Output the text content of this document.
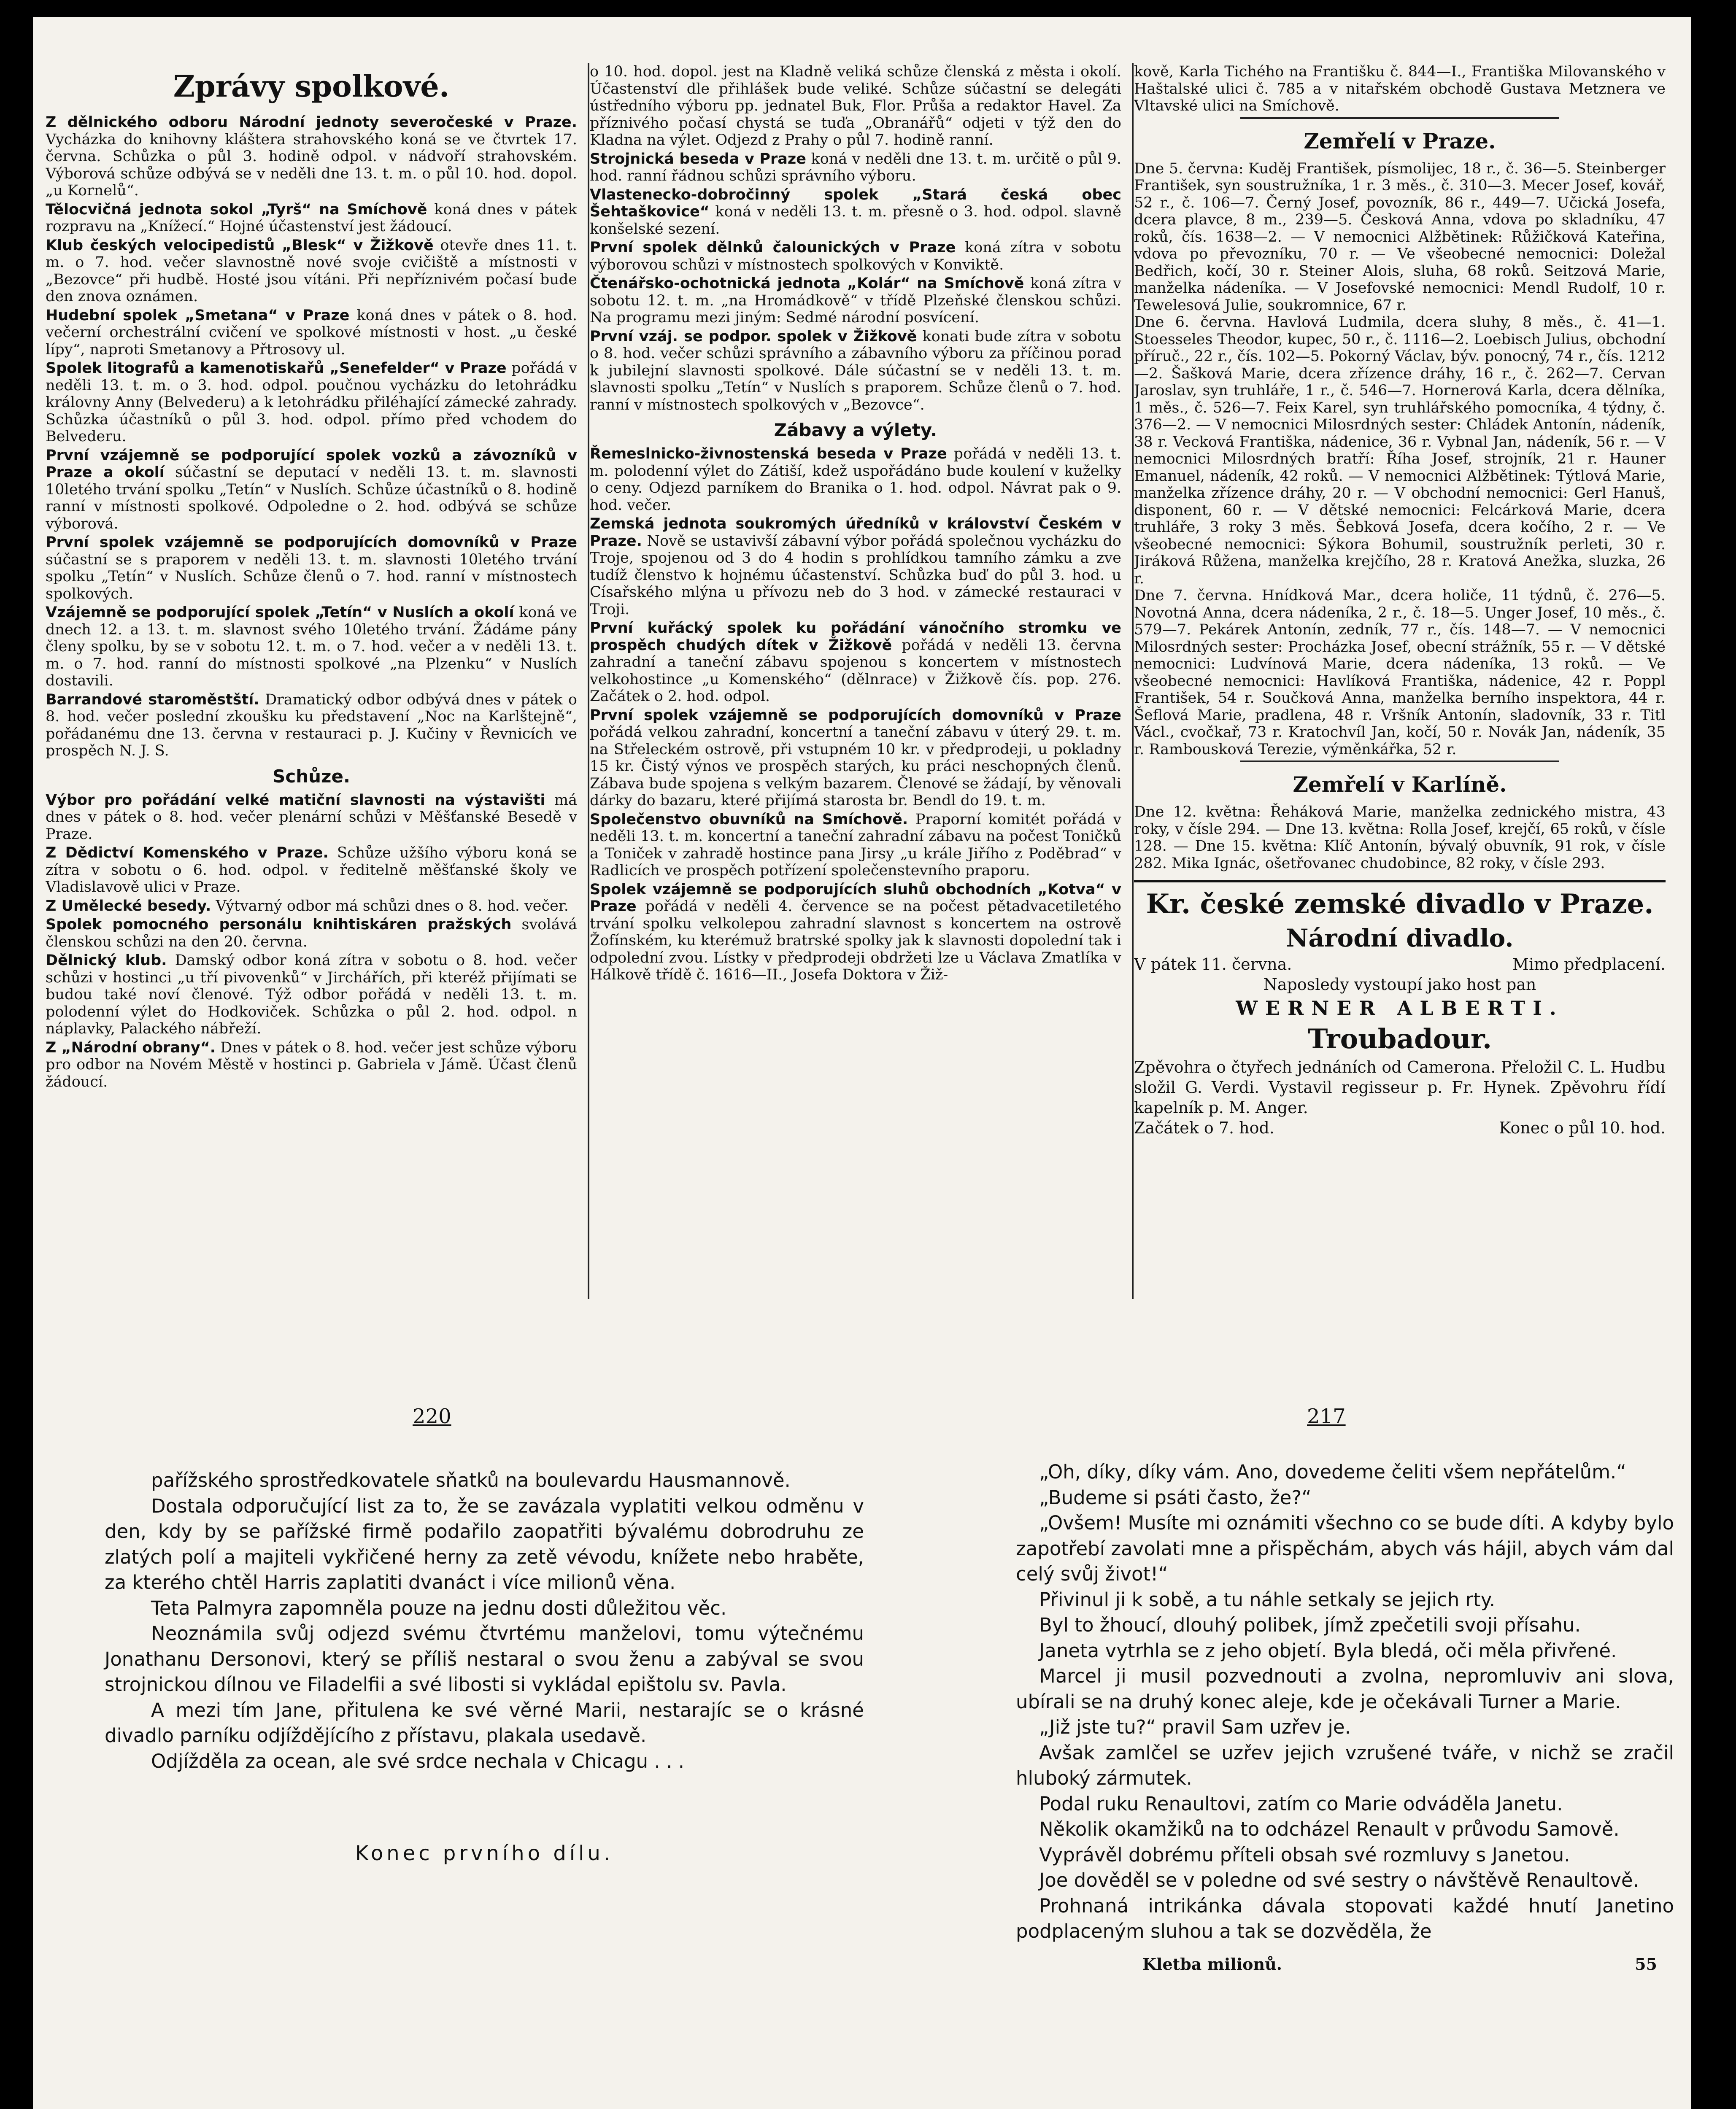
Zprávy spolkové.
Z dělnického odboru Národní jednoty severočeské v Praze. Vycházka do knihovny kláštera strahovského koná se ve čtvrtek 17. června. Schůzka o půl 3. hodině odpol. v nádvoří strahovském. Výborová schůze odbývá se v neděli dne 13. t. m. o půl 10. hod. dopol. „u Kornelů“.
Tělocvičná jednota sokol „Tyrš“ na Smíchově koná dnes v pátek rozpravu na „Knížecí.“ Hojné účastenství jest žádoucí.
Klub českých velocipedistů „Blesk“ v Žižkově otevře dnes 11. t. m. o 7. hod. večer slavnostně nové svoje cvičiště a místnosti v „Bezovce“ při hudbě. Hosté jsou vítáni. Při nepříznivém počasí bude den znova oznámen.
Hudební spolek „Smetana“ v Praze koná dnes v pátek o 8. hod. večerní orchestrální cvičení ve spolkové místnosti v host. „u české lípy“, naproti Smetanovy a Přtrosovy ul.
Spolek litografů a kamenotiskařů „Senefelder“ v Praze pořádá v neděli 13. t. m. o 3. hod. odpol. poučnou vycházku do letohrádku královny Anny (Belvederu) a k letohrádku přiléhající zámecké zahrady. Schůzka účastníků o půl 3. hod. odpol. přímo před vchodem do Belvederu.
První vzájemně se podporující spolek vozků a závozníků v Praze a okolí súčastní se deputací v neděli 13. t. m. slavnosti 10letého trvání spolku „Tetín“ v Nuslích. Schůze účastníků o 8. hodině ranní v místnosti spolkové. Odpoledne o 2. hod. odbývá se schůze výborová.
První spolek vzájemně se podporujících domovníků v Praze súčastní se s praporem v neděli 13. t. m. slavnosti 10letého trvání spolku „Tetín“ v Nuslích. Schůze členů o 7. hod. ranní v místnostech spolkových.
Vzájemně se podporující spolek „Tetín“ v Nuslích a okolí koná ve dnech 12. a 13. t. m. slavnost svého 10letého trvání. Žádáme pány členy spolku, by se v sobotu 12. t. m. o 7. hod. večer a v neděli 13. t. m. o 7. hod. ranní do místnosti spolkové „na Plzenku“ v Nuslích dostavili.
Barrandové staroměstští. Dramatický odbor odbývá dnes v pátek o 8. hod. večer poslední zkoušku ku představení „Noc na Karlštejně“, pořádanému dne 13. června v restauraci p. J. Kučiny v Řevnicích ve prospěch N. J. S.
Schůze.
Výbor pro pořádání velké matiční slavnosti na výstavišti má dnes v pátek o 8. hod. večer plenární schůzi v Měšťanské Besedě v Praze.
Z Dědictví Komenského v Praze. Schůze užšího výboru koná se zítra v sobotu o 6. hod. odpol. v ředitelně měšťanské školy ve Vladislavově ulici v Praze.
Z Umělecké besedy. Výtvarný odbor má schůzi dnes o 8. hod. večer.
Spolek pomocného personálu knihtiskáren pražských svolává členskou schůzi na den 20. června.
Dělnický klub. Damský odbor koná zítra v sobotu o 8. hod. večer schůzi v hostinci „u tří pivovenků“ v Jirchářích, při kteréž přijímati se budou také noví členové. Týž odbor pořádá v neděli 13. t. m. polodenní výlet do Hodkoviček. Schůzka o půl 2. hod. odpol. n náplavky, Palackého nábřeží.
Z „Národní obrany“. Dnes v pátek o 8. hod. večer jest schůze výboru pro odbor na Novém Městě v hostinci p. Gabriela v Jámě. Účast členů žádoucí.
o 10. hod. dopol. jest na Kladně veliká schůze členská z města i okolí. Účastenství dle přihlášek bude veliké. Schůze súčastní se delegáti ústředního výboru pp. jednatel Buk, Flor. Průša a redaktor Havel. Za příznivého počasí chystá se tuďa „Obranářů“ odjeti v týž den do Kladna na výlet. Odjezd z Prahy o půl 7. hodině ranní.
Strojnická beseda v Praze koná v neděli dne 13. t. m. určitě o půl 9. hod. ranní řádnou schůzi správního výboru.
Vlastenecko-dobročinný spolek „Stará česká obec Šehtaškovice“ koná v neděli 13. t. m. přesně o 3. hod. odpol. slavně konšelské sezení.
První spolek dělnků čalounických v Praze koná zítra v sobotu výborovou schůzi v místnostech spolkových v Konviktě.
Čtenářsko-ochotnická jednota „Kolár“ na Smíchově koná zítra v sobotu 12. t. m. „na Hromádkově“ v třídě Plzeňské členskou schůzi. Na programu mezi jiným: Sedmé národní posvícení.
První vzáj. se podpor. spolek v Žižkově konati bude zítra v sobotu o 8. hod. večer schůzi správního a zábavního výboru za příčinou porad k jubilejní slavnosti spolkové. Dále súčastní se v neděli 13. t. m. slavnosti spolku „Tetín“ v Nuslích s praporem. Schůze členů o 7. hod. ranní v místnostech spolkových v „Bezovce“.
Zábavy a výlety.
Řemeslnicko-živnostenská beseda v Praze pořádá v neděli 13. t. m. polodenní výlet do Zátiší, kdež uspořádáno bude koulení v kuželky o ceny. Odjezd parníkem do Branika o 1. hod. odpol. Návrat pak o 9. hod. večer.
Zemská jednota soukromých úředníků v království Českém v Praze. Nově se ustavivší zábavní výbor pořádá společnou vycházku do Troje, spojenou od 3 do 4 hodin s prohlídkou tamního zámku a zve tudíž členstvo k hojnému účastenství. Schůzka buď do půl 3. hod. u Císařského mlýna u přívozu neb do 3 hod. v zámecké restauraci v Troji.
První kuřácký spolek ku pořádání vánočního stromku ve prospěch chudých dítek v Žižkově pořádá v neděli 13. června zahradní a taneční zábavu spojenou s koncertem v místnostech velkohostince „u Komenského“ (dělnrace) v Žižkově čís. pop. 276. Začátek o 2. hod. odpol.
První spolek vzájemně se podporujících domovníků v Praze pořádá velkou zahradní, koncertní a taneční zábavu v úterý 29. t. m. na Střeleckém ostrově, při vstupném 10 kr. v předprodeji, u pokladny 15 kr. Čistý výnos ve prospěch starých, ku práci neschopných členů. Zábava bude spojena s velkým bazarem. Členové se žádají, by věnovali dárky do bazaru, které přijímá starosta br. Bendl do 19. t. m.
Společenstvo obuvníků na Smíchově. Praporní komitét pořádá v neděli 13. t. m. koncertní a taneční zahradní zábavu na počest Toničků a Toniček v zahradě hostince pana Jirsy „u krále Jiřího z Poděbrad“ v Radlicích ve prospěch potřízení společenstevního praporu.
Spolek vzájemně se podporujících sluhů obchodních „Kotva“ v Praze pořádá v neděli 4. července se na počest pětadvacetiletého trvání spolku velkolepou zahradní slavnost s koncertem na ostrově Žofínském, ku kterémuž bratrské spolky jak k slavnosti dopolední tak i odpolední zvou. Lístky v předprodeji obdržeti lze u Václava Zmatlíka v Hálkově třídě č. 1616—II., Josefa Doktora v Žiž-
kově, Karla Tichého na Františku č. 844—I., Františka Milovanského v Haštalské ulici č. 785 a v nitařském obchodě Gustava Metznera ve Vltavské ulici na Smíchově.
Zemřelí v Praze.

Dne 5. června: Kuděj František, písmolijec, 18 r., č. 36—5. Steinberger František, syn soustružníka, 1 r. 3 měs., č. 310—3. Mecer Josef, kovář, 52 r., č. 106—7. Černý Josef, povozník, 86 r., 449—7. Učická Josefa, dcera plavce, 8 m., 239—5. Česková Anna, vdova po skladníku, 47 roků, čís. 1638—2. — V nemocnici Alžbětinek: Růžičková Kateřina, vdova po převozníku, 70 r. — Ve všeobecné nemocnici: Doležal Bedřich, kočí, 30 r. Steiner Alois, sluha, 68 roků. Seitzová Marie, manželka nádeníka. — V Josefovské nemocnici: Mendl Rudolf, 10 r. Tewelesová Julie, soukromnice, 67 r.

Dne 6. června. Havlová Ludmila, dcera sluhy, 8 měs., č. 41—1. Stoesseles Theodor, kupec, 50 r., č. 1116—2. Loebisch Julius, obchodní příruč., 22 r., čís. 102—5. Pokorný Václav, býv. ponocný, 74 r., čís. 1212—2. Šašková Marie, dcera zřízence dráhy, 16 r., č. 262—7. Cervan Jaroslav, syn truhláře, 1 r., č. 546—7. Hornerová Karla, dcera dělníka, 1 měs., č. 526—7. Feix Karel, syn truhlářského pomocníka, 4 týdny, č. 376—2. — V nemocnici Milosrdných sester: Chládek Antonín, nádeník, 38 r. Vecková Františka, nádenice, 36 r. Vybnal Jan, nádeník, 56 r. — V nemocnici Milosrdných bratří: Říha Josef, strojník, 21 r. Hauner Emanuel, nádeník, 42 roků. — V nemocnici Alžbětinek: Týtlová Marie, manželka zřízence dráhy, 20 r. — V obchodní nemocnici: Gerl Hanuš, disponent, 60 r. — V dětské nemocnici: Felcárková Marie, dcera truhláře, 3 roky 3 měs. Šebková Josefa, dcera kočího, 2 r. — Ve všeobecné nemocnici: Sýkora Bohumil, soustružník perleti, 30 r. Jiráková Růžena, manželka krejčího, 28 r. Kratová Anežka, sluzka, 26 r.

Dne 7. června. Hnídková Mar., dcera holiče, 11 týdnů, č. 276—5. Novotná Anna, dcera nádeníka, 2 r., č. 18—5. Unger Josef, 10 měs., č. 579—7. Pekárek Antonín, zedník, 77 r., čís. 148—7. — V nemocnici Milosrdných sester: Procházka Josef, obecní strážník, 55 r. — V dětské nemocnici: Ludvínová Marie, dcera nádeníka, 13 roků. — Ve všeobecné nemocnici: Havlíková Františka, nádenice, 42 r. Poppl František, 54 r. Součková Anna, manželka berního inspektora, 44 r. Šeflová Marie, pradlena, 48 r. Vršník Antonín, sladovník, 33 r. Titl Václ., cvočkař, 73 r. Kratochvíl Jan, kočí, 50 r. Novák Jan, nádeník, 35 r. Rambousková Terezie, výměnkářka, 52 r.

Zemřelí v Karlíně.
Dne 12. května: Řeháková Marie, manželka zednického mistra, 43 roky, v čísle 294. — Dne 13. května: Rolla Josef, krejčí, 65 roků, v čísle 128. — Dne 15. května: Klíč Antonín, bývalý obuvník, 91 rok, v čísle 282. Mika Ignác, ošetřovanec chudobince, 82 roky, v čísle 293.
Kr. české zemské divadlo v Praze.
Národní divadlo.
V pátek 11. června.	Mimo předplacení.
Naposledy vystoupí jako host pan
WERNER ALBERTI.
Troubadour.
Zpěvohra o čtyřech jednáních od Camerona. Přeložil C. L. Hudbu složil G. Verdi. Vystavil regisseur p. Fr. Hynek. Zpěvohru řídí kapelník p. M. Anger.
Začátek o 7. hod.	Konec o půl 10. hod.
220

pařížského sprostředkovatele sňatků na boulevardu Hausmannově.

Dostala odporučující list za to, že se zavázala vyplatiti velkou odměnu v den, kdy by se pařížské firmě podařilo zaopatřiti bývalému dobrodruhu ze zlatých polí a majiteli vykřičené herny za zetě vévodu, knížete nebo hraběte, za kterého chtěl Harris zaplatiti dvanáct i více milionů věna.

Teta Palmyra zapomněla pouze na jednu dosti důležitou věc.

Neoznámila svůj odjezd svému čtvrtému manželovi, tomu výtečnému Jonathanu Dersonovi, který se příliš nestaral o svou ženu a zabýval se svou strojnickou dílnou ve Filadelfii a své libosti si vykládal epištolu sv. Pavla.

A mezi tím Jane, přitulena ke své věrné Marii, nestarajíc se o krásné divadlo parníku odjíždějícího z přístavu, plakala usedavě.

Odjížděla za ocean, ale své srdce nechala v Chicagu . . .

Konec prvního dílu.
217

„Oh, díky, díky vám. Ano, dovedeme čeliti všem nepřátelům.“

„Budeme si psáti často, že?“

„Ovšem! Musíte mi oznámiti všechno co se bude díti. A kdyby bylo zapotřebí zavolati mne a přispěchám, abych vás hájil, abych vám dal celý svůj život!“

Přivinul ji k sobě, a tu náhle setkaly se jejich rty.

Byl to žhoucí, dlouhý polibek, jímž zpečetili svoji přísahu.

Janeta vytrhla se z jeho objetí. Byla bledá, oči měla přivřené.

Marcel ji musil pozvednouti a zvolna, nepromluviv ani slova, ubírali se na druhý konec aleje, kde je očekávali Turner a Marie.

„Již jste tu?“ pravil Sam uzřev je.

Avšak zamlčel se uzřev jejich vzrušené tváře, v nichž se zračil hluboký zármutek.

Podal ruku Renaultovi, zatím co Marie odváděla Janetu.

Několik okamžiků na to odcházel Renault v průvodu Samově.

Vyprávěl dobrému příteli obsah své rozmluvy s Janetou.

Joe dověděl se v poledne od své sestry o návštěvě Renaultově.

Prohnaná intrikánka dávala stopovati každé hnutí Janetino podplaceným sluhou a tak se dozvěděla, že

Kletba milionů.	55
